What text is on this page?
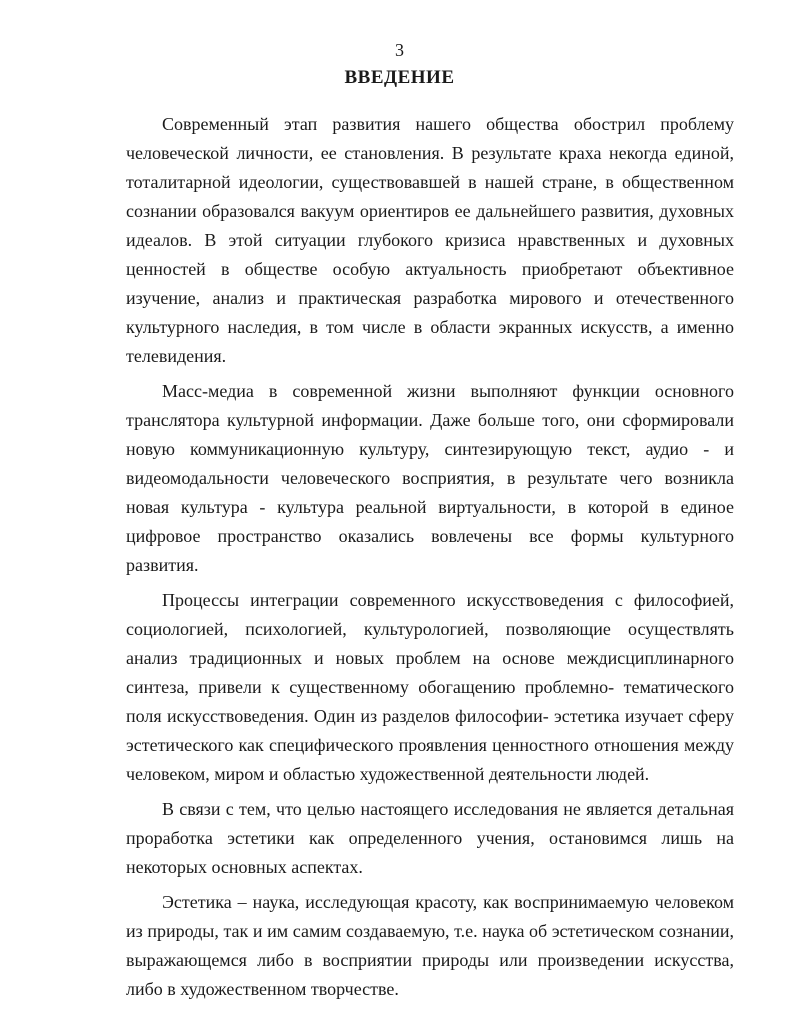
3
ВВЕДЕНИЕ

Современный этап развития нашего общества обострил проблему человеческой личности, ее становления. В результате краха некогда единой, тоталитарной идеологии, существовавшей в нашей стране, в общественном сознании образовался вакуум ориентиров ее дальнейшего развития, духовных идеалов. В этой ситуации глубокого кризиса нравственных и духовных ценностей в обществе особую актуальность приобретают объективное изучение, анализ и практическая разработка мирового и отечественного культурного наследия, в том числе в области экранных искусств, а именно телевидения.

Масс-медиа в современной жизни выполняют функции основного транслятора культурной информации. Даже больше того, они сформировали новую коммуникационную культуру, синтезирующую текст, аудио - и видеомодальности человеческого восприятия, в результате чего возникла новая культура - культура реальной виртуальности, в которой в единое цифровое пространство оказались вовлечены все формы культурного развития.

Процессы интеграции современного искусствоведения с философией, социологией, психологией, культурологией, позволяющие осуществлять анализ традиционных и новых проблем на основе междисциплинарного синтеза, привели к существенному обогащению проблемно- тематического поля искусствоведения. Один из разделов философии- эстетика изучает сферу эстетического как специфического проявления ценностного отношения между человеком, миром и областью художественной деятельности людей.

В связи с тем, что целью настоящего исследования не является детальная проработка эстетики как определенного учения, остановимся лишь на некоторых основных аспектах.

Эстетика – наука, исследующая красоту, как воспринимаемую человеком из природы, так и им самим создаваемую, т.е. наука об эстетическом сознании, выражающемся либо в восприятии природы или произведении искусства, либо в художественном творчестве.
